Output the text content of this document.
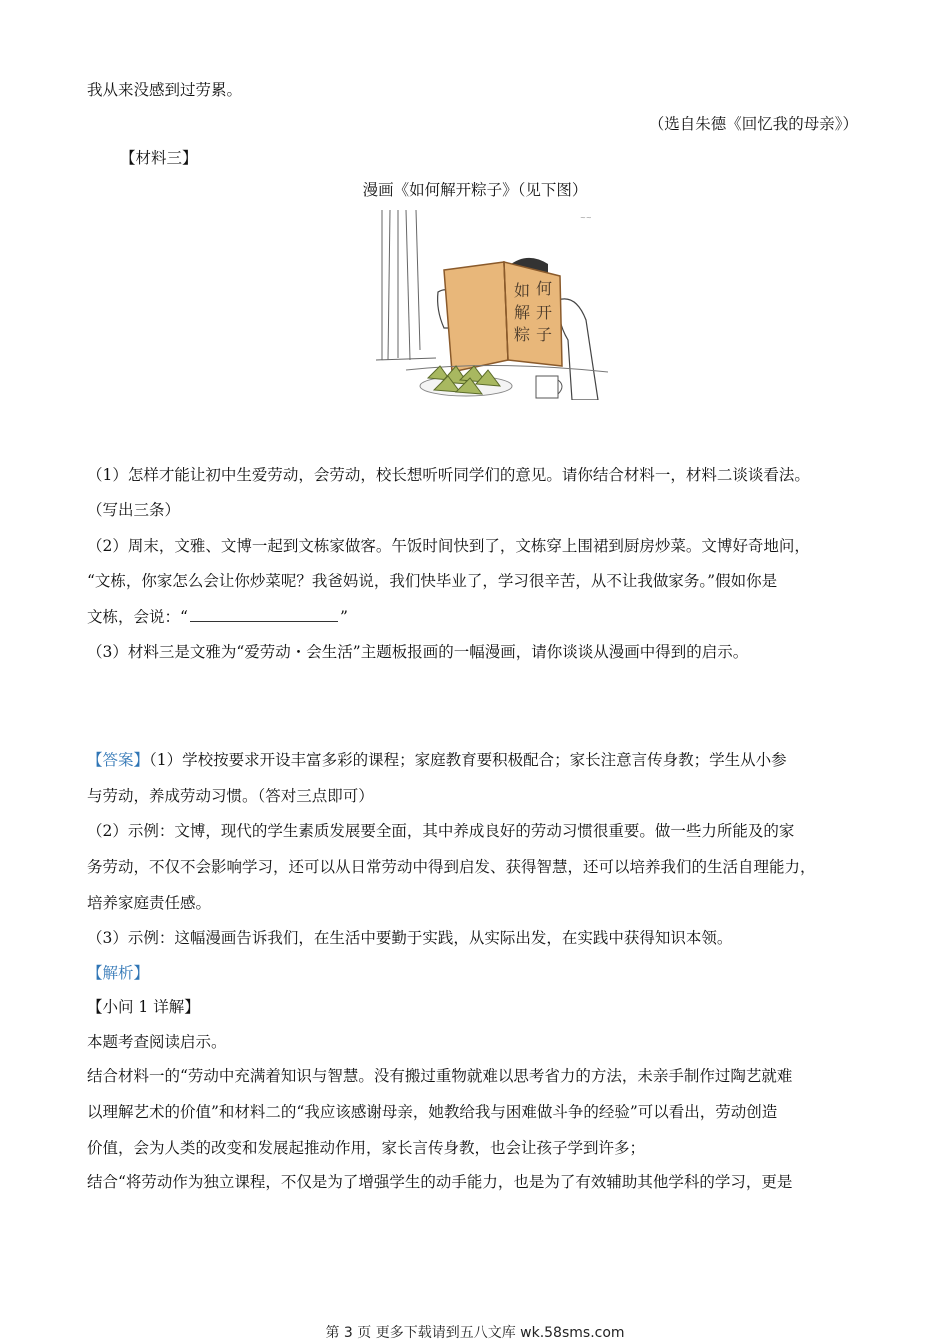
我从来没感到过劳累。
（选自朱德《回忆我的母亲》）
【材料三】
漫画《如何解开粽子》（见下图）
如 何
解 开
粽 子
~~
（1）怎样才能让初中生爱劳动，会劳动，校长想听听同学们的意见。请你结合材料一，材料二谈谈看法。
（写出三条）
（2）周末，文雅、文博一起到文栋家做客。午饭时间快到了，文栋穿上围裙到厨房炒菜。文博好奇地问，
“文栋，你家怎么会让你炒菜呢？我爸妈说，我们快毕业了，学习很辛苦，从不让我做家务。”假如你是
文栋，会说：“	”
（3）材料三是文雅为“爱劳动・会生活”主题板报画的一幅漫画，请你谈谈从漫画中得到的启示。
【答案】（1）学校按要求开设丰富多彩的课程；家庭教育要积极配合；家长注意言传身教；学生从小参
与劳动，养成劳动习惯。（答对三点即可）
（2）示例：文博，现代的学生素质发展要全面，其中养成良好的劳动习惯很重要。做一些力所能及的家
务劳动，不仅不会影响学习，还可以从日常劳动中得到启发、获得智慧，还可以培养我们的生活自理能力，
培养家庭责任感。
（3）示例：这幅漫画告诉我们，在生活中要勤于实践，从实际出发，在实践中获得知识本领。
【解析】
【小问 1 详解】
本题考查阅读启示。
结合材料一的“劳动中充满着知识与智慧。没有搬过重物就难以思考省力的方法，未亲手制作过陶艺就难
以理解艺术的价值”和材料二的“我应该感谢母亲，她教给我与困难做斗争的经验”可以看出，劳动创造
价值，会为人类的改变和发展起推动作用，家长言传身教，也会让孩子学到许多；
结合“将劳动作为独立课程，不仅是为了增强学生的动手能力，也是为了有效辅助其他学科的学习，更是
第 3 页 更多下载请到五八文库 wk.58sms.com
